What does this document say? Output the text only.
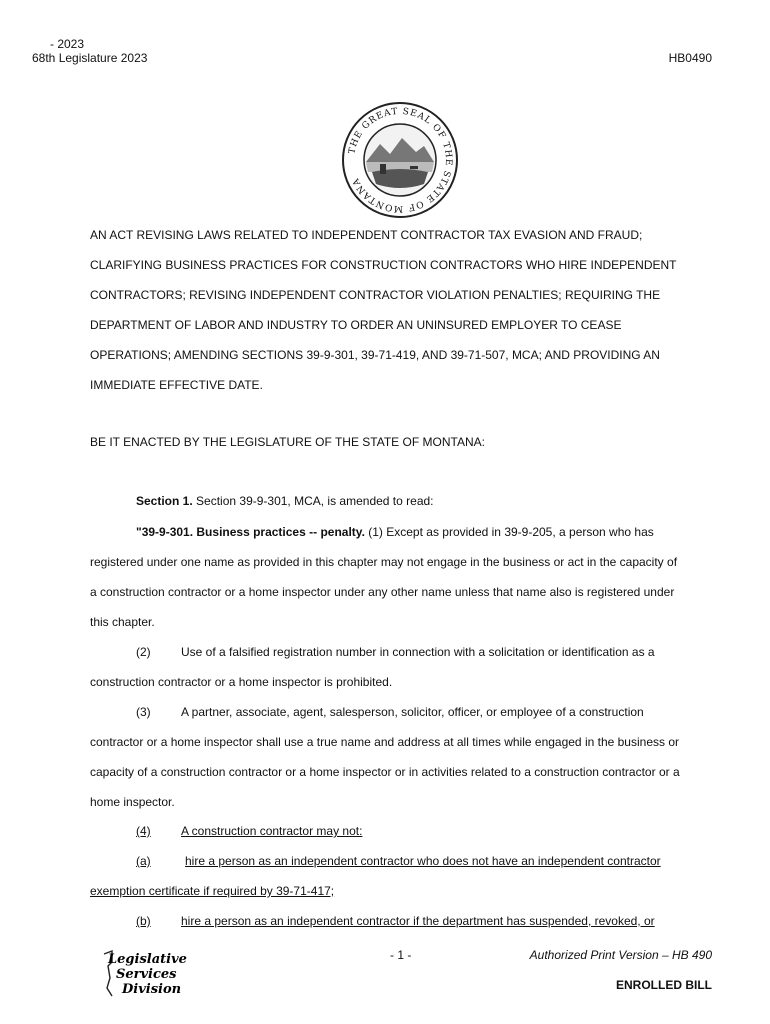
- 2023
68th Legislature 2023	HB0490
THE GREAT SEAL OF THE STATE OF MONTANA
AN ACT REVISING LAWS RELATED TO INDEPENDENT CONTRACTOR TAX EVASION AND FRAUD;
CLARIFYING BUSINESS PRACTICES FOR CONSTRUCTION CONTRACTORS WHO HIRE INDEPENDENT
CONTRACTORS; REVISING INDEPENDENT CONTRACTOR VIOLATION PENALTIES; REQUIRING THE
DEPARTMENT OF LABOR AND INDUSTRY TO ORDER AN UNINSURED EMPLOYER TO CEASE
OPERATIONS; AMENDING SECTIONS 39-9-301, 39-71-419, AND 39-71-507, MCA; AND PROVIDING AN
IMMEDIATE EFFECTIVE DATE.
BE IT ENACTED BY THE LEGISLATURE OF THE STATE OF MONTANA:
Section 1. Section 39-9-301, MCA, is amended to read:
"39-9-301. Business practices -- penalty. (1) Except as provided in 39-9-205, a person who has
registered under one name as provided in this chapter may not engage in the business or act in the capacity of
a construction contractor or a home inspector under any other name unless that name also is registered under
this chapter.
(2)	Use of a falsified registration number in connection with a solicitation or identification as a
construction contractor or a home inspector is prohibited.
(3)	A partner, associate, agent, salesperson, solicitor, officer, or employee of a construction
contractor or a home inspector shall use a true name and address at all times while engaged in the business or
capacity of a construction contractor or a home inspector or in activities related to a construction contractor or a
home inspector.
(4)	A construction contractor may not:
(a)	hire a person as an independent contractor who does not have an independent contractor
exemption certificate if required by 39-71-417;
(b)	hire a person as an independent contractor if the department has suspended, revoked, or
Legislative
Services
Division
- 1 -	Authorized Print Version – HB 490
ENROLLED BILL
